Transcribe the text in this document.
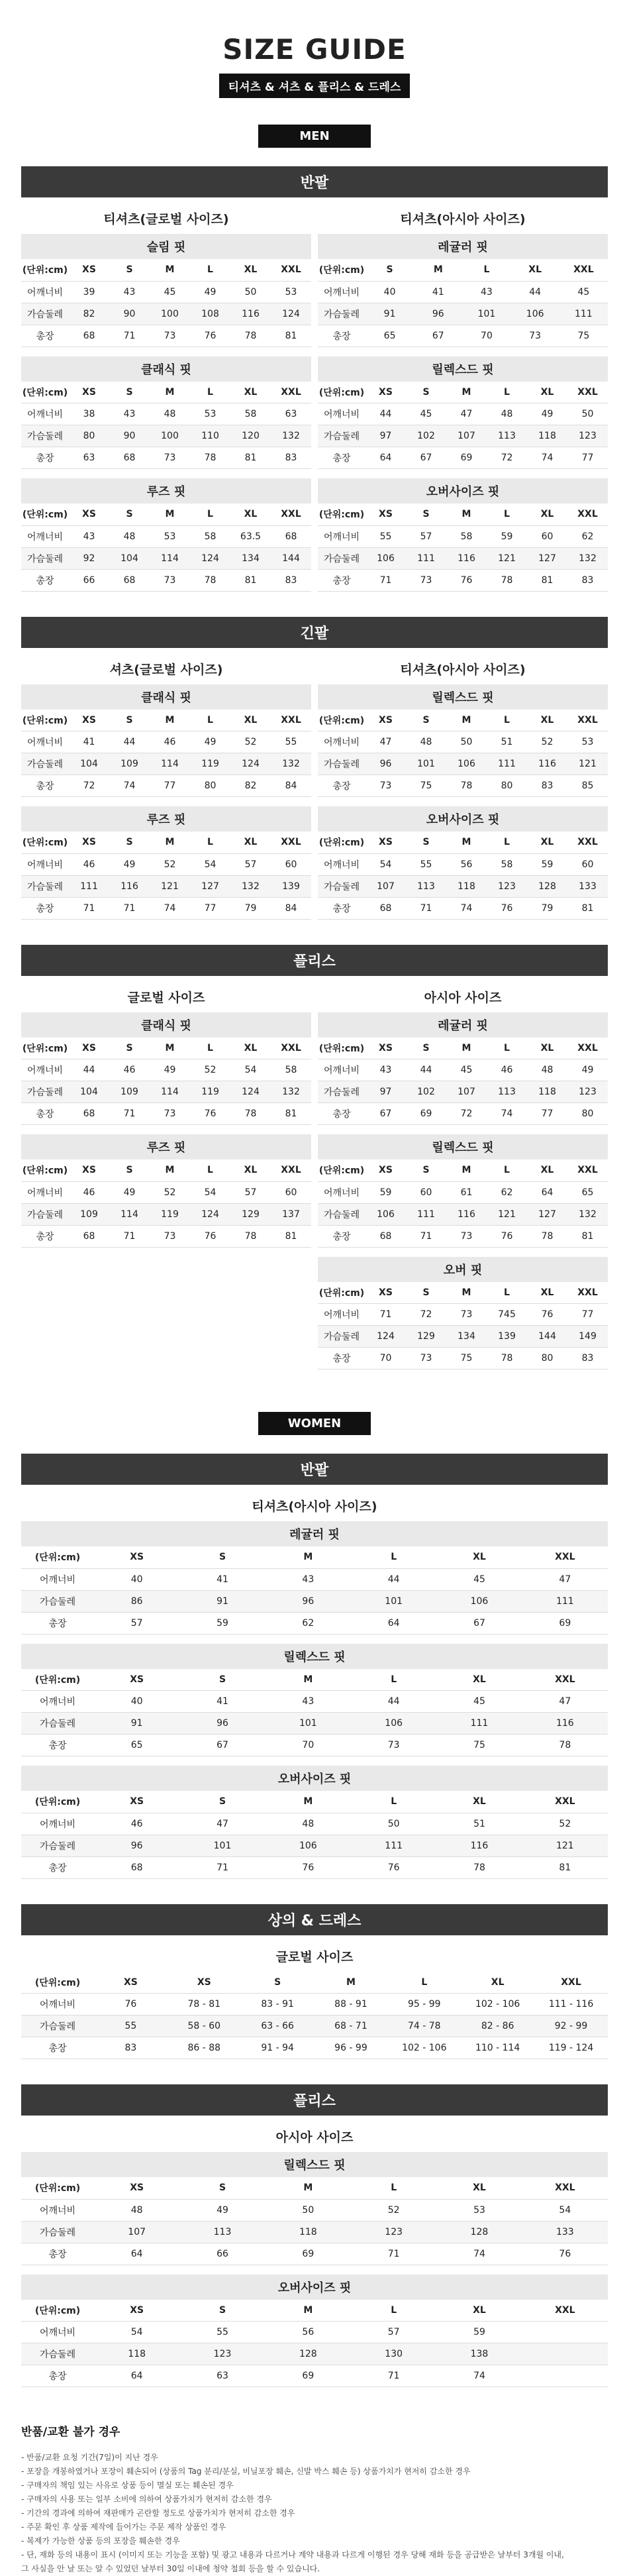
SIZE GUIDE
티셔츠 & 셔츠 & 플리스 & 드레스
MEN
반팔
티셔츠(글로벌 사이즈)
슬림 핏
(단위:cm)	XS	S	M	L	XL	XXL
어깨너비	39	43	45	49	50	53
가슴둘레	82	90	100	108	116	124
총장	68	71	73	76	78	81
클래식 핏
(단위:cm)	XS	S	M	L	XL	XXL
어깨너비	38	43	48	53	58	63
가슴둘레	80	90	100	110	120	132
총장	63	68	73	78	81	83
루즈 핏
(단위:cm)	XS	S	M	L	XL	XXL
어깨너비	43	48	53	58	63.5	68
가슴둘레	92	104	114	124	134	144
총장	66	68	73	78	81	83
티셔츠(아시아 사이즈)
레귤러 핏
(단위:cm)	S	M	L	XL	XXL
어깨너비	40	41	43	44	45
가슴둘레	91	96	101	106	111
총장	65	67	70	73	75
릴렉스드 핏
(단위:cm)	XS	S	M	L	XL	XXL
어깨너비	44	45	47	48	49	50
가슴둘레	97	102	107	113	118	123
총장	64	67	69	72	74	77
오버사이즈 핏
(단위:cm)	XS	S	M	L	XL	XXL
어깨너비	55	57	58	59	60	62
가슴둘레	106	111	116	121	127	132
총장	71	73	76	78	81	83
긴팔
셔츠(글로벌 사이즈)
클래식 핏
(단위:cm)	XS	S	M	L	XL	XXL
어깨너비	41	44	46	49	52	55
가슴둘레	104	109	114	119	124	132
총장	72	74	77	80	82	84
루즈 핏
(단위:cm)	XS	S	M	L	XL	XXL
어깨너비	46	49	52	54	57	60
가슴둘레	111	116	121	127	132	139
총장	71	71	74	77	79	84
티셔츠(아시아 사이즈)
릴렉스드 핏
(단위:cm)	XS	S	M	L	XL	XXL
어깨너비	47	48	50	51	52	53
가슴둘레	96	101	106	111	116	121
총장	73	75	78	80	83	85
오버사이즈 핏
(단위:cm)	XS	S	M	L	XL	XXL
어깨너비	54	55	56	58	59	60
가슴둘레	107	113	118	123	128	133
총장	68	71	74	76	79	81
플리스
글로벌 사이즈
클래식 핏
(단위:cm)	XS	S	M	L	XL	XXL
어깨너비	44	46	49	52	54	58
가슴둘레	104	109	114	119	124	132
총장	68	71	73	76	78	81
루즈 핏
(단위:cm)	XS	S	M	L	XL	XXL
어깨너비	46	49	52	54	57	60
가슴둘레	109	114	119	124	129	137
총장	68	71	73	76	78	81
아시아 사이즈
레귤러 핏
(단위:cm)	XS	S	M	L	XL	XXL
어깨너비	43	44	45	46	48	49
가슴둘레	97	102	107	113	118	123
총장	67	69	72	74	77	80
릴렉스드 핏
(단위:cm)	XS	S	M	L	XL	XXL
어깨너비	59	60	61	62	64	65
가슴둘레	106	111	116	121	127	132
총장	68	71	73	76	78	81
오버 핏
(단위:cm)	XS	S	M	L	XL	XXL
어깨너비	71	72	73	745	76	77
가슴둘레	124	129	134	139	144	149
총장	70	73	75	78	80	83
WOMEN
반팔
티셔츠(아시아 사이즈)
레귤러 핏
(단위:cm)	XS	S	M	L	XL	XXL
어깨너비	40	41	43	44	45	47
가슴둘레	86	91	96	101	106	111
총장	57	59	62	64	67	69
릴렉스드 핏
(단위:cm)	XS	S	M	L	XL	XXL
어깨너비	40	41	43	44	45	47
가슴둘레	91	96	101	106	111	116
총장	65	67	70	73	75	78
오버사이즈 핏
(단위:cm)	XS	S	M	L	XL	XXL
어깨너비	46	47	48	50	51	52
가슴둘레	96	101	106	111	116	121
총장	68	71	76	76	78	81
상의 & 드레스
글로벌 사이즈
(단위:cm)	XS	XS	S	M	L	XL	XXL
어깨너비	76	78 - 81	83 - 91	88 - 91	95 - 99	102 - 106	111 - 116
가슴둘레	55	58 - 60	63 - 66	68 - 71	74 - 78	82 - 86	92 - 99
총장	83	86 - 88	91 - 94	96 - 99	102 - 106	110 - 114	119 - 124
플리스
아시아 사이즈
릴렉스드 핏
(단위:cm)	XS	S	M	L	XL	XXL
어깨너비	48	49	50	52	53	54
가슴둘레	107	113	118	123	128	133
총장	64	66	69	71	74	76
오버사이즈 핏
(단위:cm)	XS	S	M	L	XL	XXL
어깨너비	54	55	56	57	59	
가슴둘레	118	123	128	130	138	
총장	64	63	69	71	74	
반품/교환 불가 경우
- 반품/교환 요청 기간(7일)이 지난 경우
- 포장을 개봉하였거나 포장이 훼손되어 (상품의 Tag 분리/분실, 비닐포장 훼손, 신발 박스 훼손 등) 상품가치가 현저히 감소한 경우
- 구매자의 책임 있는 사유로 상품 등이 멸실 또는 훼손된 경우
- 구매자의 사용 또는 일부 소비에 의하여 상품가치가 현저히 감소한 경우
- 기간의 경과에 의하여 재판매가 곤란할 정도로 상품가치가 현저히 감소한 경우
- 주문 확인 후 상품 제작에 들어가는 주문 제작 상품인 경우
- 복제가 가능한 상품 등의 포장을 훼손한 경우
- 단, 재화 등의 내용이 표시 (이미지 또는 기능을 포함) 및 광고 내용과 다르거나 계약 내용과 다르게 이행된 경우 당해 재화 등을 공급받은 날부터 3개월 이내,
그 사실을 안 날 또는 알 수 있었던 날부터 30일 이내에 청약 철회 등을 할 수 있습니다.
